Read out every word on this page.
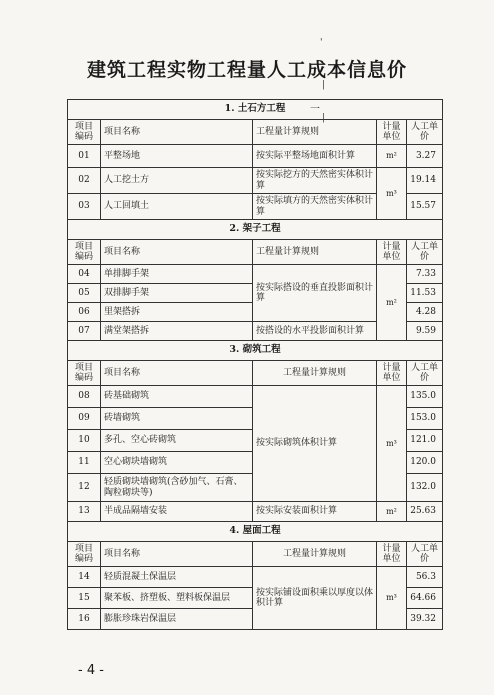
建筑工程实物工程量人工成本信息价
'
|
一
|
1. 土石方工程				
项目编码	项目名称	工程量计算规则	计量单位	人工单价
01	平整场地	按实际平整场地面积计算	m²	3.27
02	人工挖土方	按实际挖方的天然密实体积计算	m³	19.14
03	人工回填土	按实际填方的天然密实体积计算		15.57
2. 架子工程				
项目编码	项目名称	工程量计算规则	计量单位	人工单价
04	单排脚手架	按实际搭设的垂直投影面积计算	m²	7.33
05	双排脚手架			11.53
06	里架搭拆			4.28
07	满堂架搭拆	按搭设的水平投影面积计算		9.59
3. 砌筑工程				
项目编码	项目名称	工程量计算规则	计量单位	人工单价
08	砖基础砌筑	按实际砌筑体积计算	m³	135.0
09	砖墙砌筑			153.0
10	多孔、空心砖砌筑			121.0
11	空心砌块墙砌筑			120.0
12	轻质砌块墙砌筑(含砂加气、石膏、陶粒砌块等)			132.0
13	半成品隔墙安装	按实际安装面积计算	m²	25.63
4. 屋面工程				
项目编码	项目名称	工程量计算规则	计量单位	人工单价
14	轻质混凝土保温层	按实际铺设面积乘以厚度以体积计算	m³	56.3
15	聚苯板、挤塑板、塑料板保温层			64.66
16	膨胀珍珠岩保温层			39.32
- 4 -
